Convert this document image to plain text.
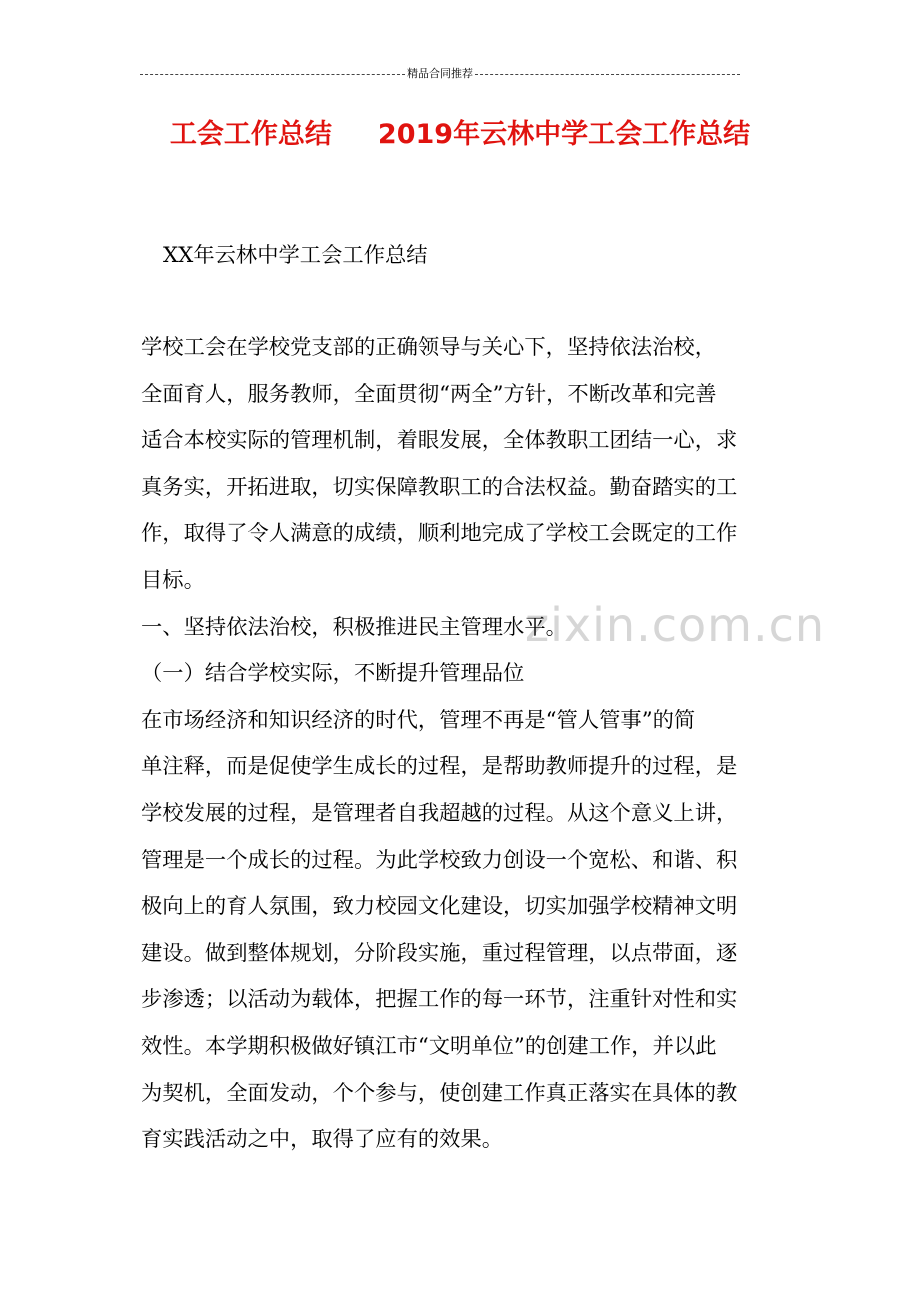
精品合同推荐
工会工作总结 2019年云林中学工会工作总结
XX年云林中学工会工作总结
zixin.com.cn
学校工会在学校党支部的正确领导与关心下，坚持依法治校，
全面育人，服务教师，全面贯彻“两全”方针，不断改革和完善
适合本校实际的管理机制，着眼发展，全体教职工团结一心，求
真务实，开拓进取，切实保障教职工的合法权益。勤奋踏实的工
作，取得了令人满意的成绩，顺利地完成了学校工会既定的工作
目标。
一、坚持依法治校，积极推进民主管理水平。
（一）结合学校实际，不断提升管理品位
在市场经济和知识经济的时代，管理不再是“管人管事”的简
单注释，而是促使学生成长的过程，是帮助教师提升的过程，是
学校发展的过程，是管理者自我超越的过程。从这个意义上讲，
管理是一个成长的过程。为此学校致力创设一个宽松、和谐、积
极向上的育人氛围，致力校园文化建设，切实加强学校精神文明
建设。做到整体规划，分阶段实施，重过程管理，以点带面，逐
步渗透；以活动为载体，把握工作的每一环节，注重针对性和实
效性。本学期积极做好镇江市“文明单位”的创建工作，并以此
为契机，全面发动，个个参与，使创建工作真正落实在具体的教
育实践活动之中，取得了应有的效果。
